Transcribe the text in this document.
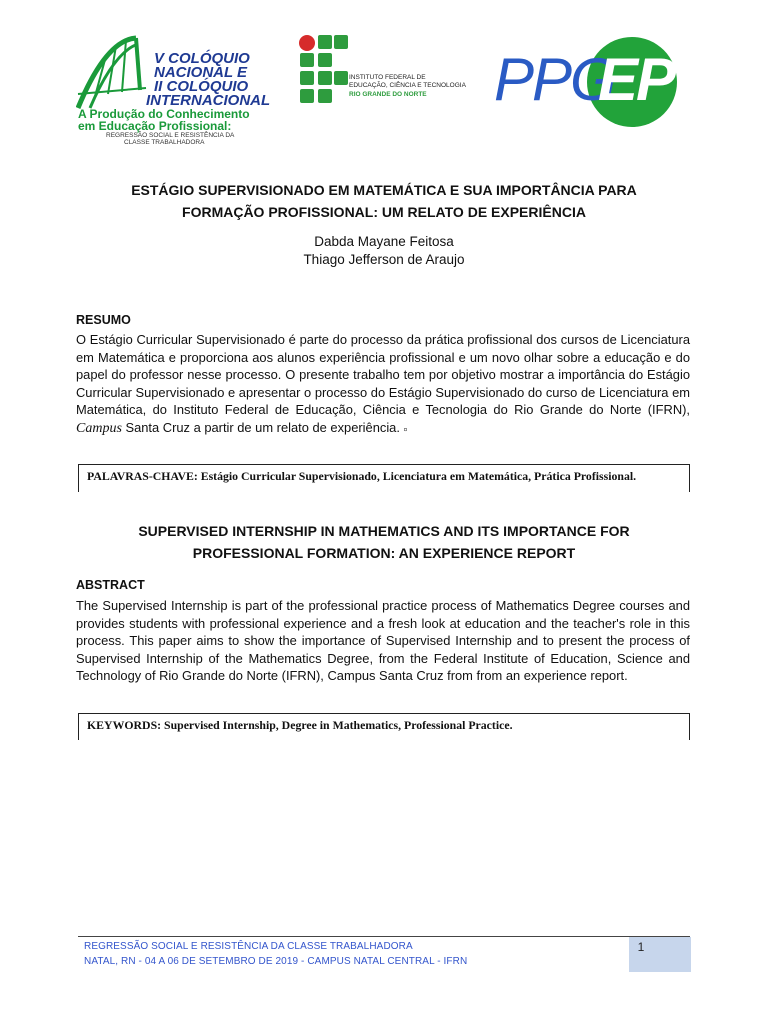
V COLÓQUIO
NACIONAL E
II COLÓQUIO
INTERNACIONAL
A Produção do Conhecimento
em Educação Profissional:
REGRESSÃO SOCIAL E RESISTÊNCIA DA
CLASSE TRABALHADORA
INSTITUTO FEDERAL DE
EDUCAÇÃO, CIÊNCIA E TECNOLOGIA
RIO GRANDE DO NORTE PPG
EP
ESTÁGIO SUPERVISIONADO EM MATEMÁTICA E SUA IMPORTÂNCIA PARA
FORMAÇÃO PROFISSIONAL: UM RELATO DE EXPERIÊNCIA
Dabda Mayane Feitosa
Thiago Jefferson de Araujo
RESUMO
O Estágio Curricular Supervisionado é parte do processo da prática profissional dos cursos de Licenciatura em Matemática e proporciona aos alunos experiência profissional e um novo olhar sobre a educação e do papel do professor nesse processo. O presente trabalho tem por objetivo mostrar a importância do Estágio Curricular Supervisionado e apresentar o processo do Estágio Supervisionado do curso de Licenciatura em Matemática, do Instituto Federal de Educação, Ciência e Tecnologia do Rio Grande do Norte (IFRN), Campus Santa Cruz a partir de um relato de experiência. ¤
PALAVRAS-CHAVE: Estágio Curricular Supervisionado, Licenciatura em Matemática, Prática Profissional.
SUPERVISED INTERNSHIP IN MATHEMATICS AND ITS IMPORTANCE FOR
PROFESSIONAL FORMATION: AN EXPERIENCE REPORT
ABSTRACT
The Supervised Internship is part of the professional practice process of Mathematics Degree courses and provides students with professional experience and a fresh look at education and the teacher's role in this process. This paper aims to show the importance of Supervised Internship and to present the process of Supervised Internship of the Mathematics Degree, from the Federal Institute of Education, Science and Technology of Rio Grande do Norte (IFRN), Campus Santa Cruz from from an experience report.
KEYWORDS: Supervised Internship, Degree in Mathematics, Professional Practice.
REGRESSÃO SOCIAL E RESISTÊNCIA DA CLASSE TRABALHADORA
NATAL, RN - 04 A 06 DE SETEMBRO DE 2019 - CAMPUS NATAL CENTRAL - IFRN
1
